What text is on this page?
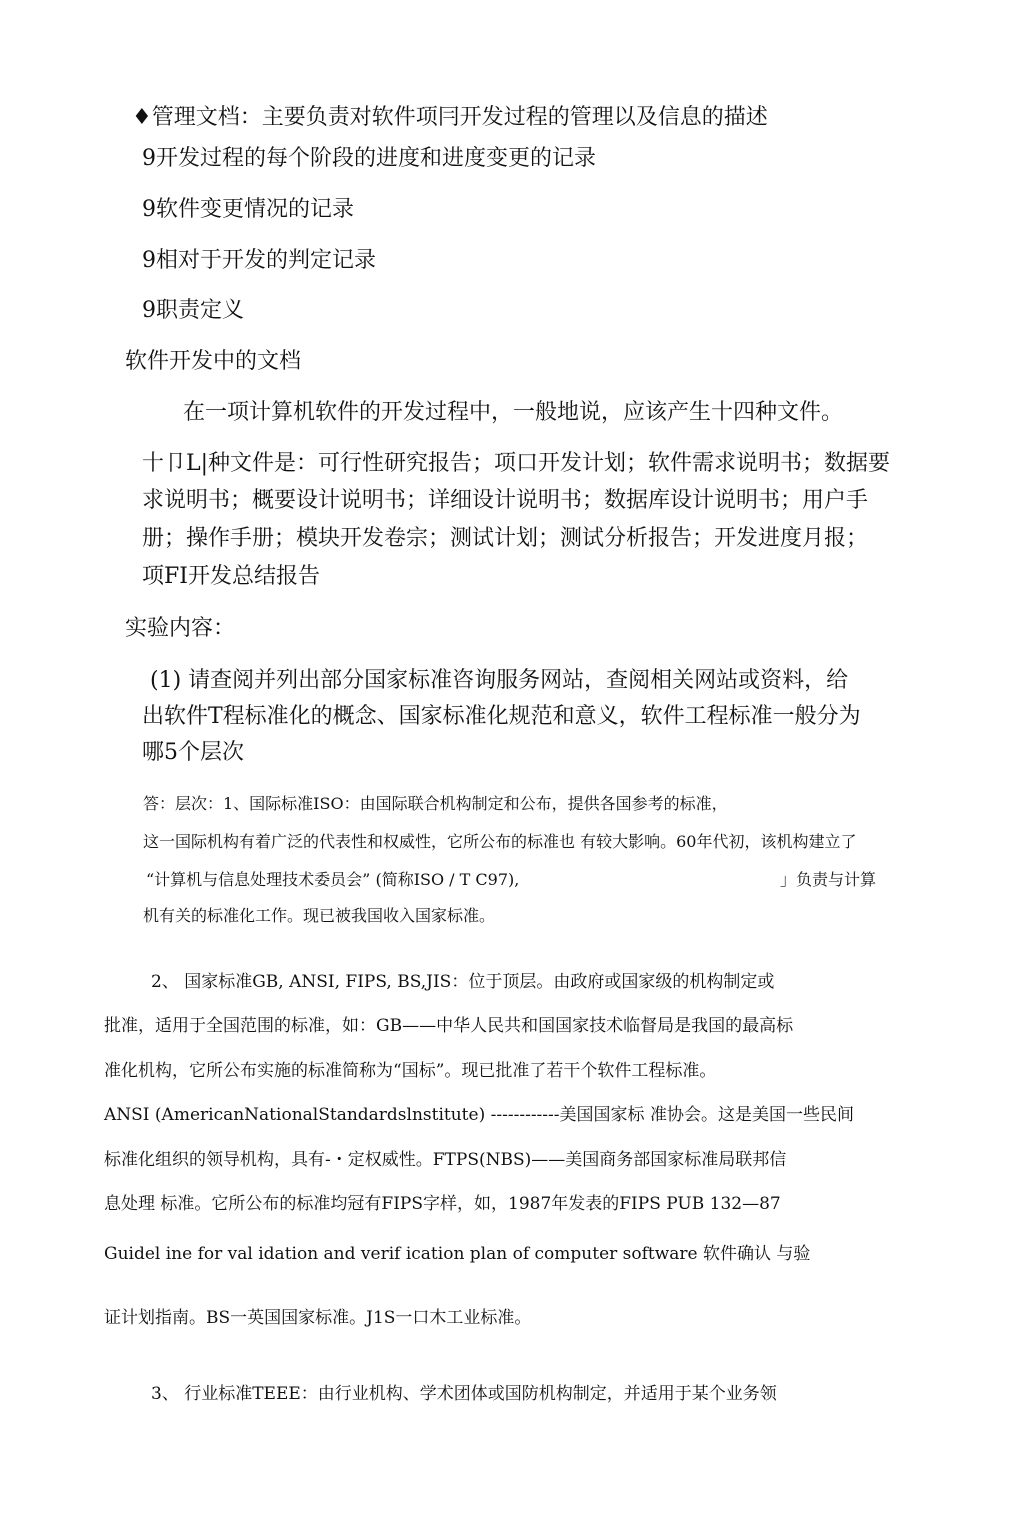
♦管理文档：主要负责对软件项冃开发过程的管理以及信息的描述
9开发过程的每个阶段的进度和进度变更的记录
9软件变更情况的记录
9相对于开发的判定记录
9职责定义
软件开发中的文档
在一项计算机软件的开发过程中，一般地说，应该产生十四种文件。
十卩L|种文件是：可行性研究报告；项口开发计划；软件需求说明书；数据要
求说明书；概要设计说明书；详细设计说明书；数据库设计说明书；用户手
册；操作手册；模块开发卷宗；测试计划；测试分析报告；开发进度月报；
项FI开发总结报告
实验内容：
(1) 请查阅并列出部分国家标准咨询服务网站，查阅相关网站或资料，给
出软件T程标准化的概念、国家标准化规范和意义，软件工程标准一般分为
哪5个层次
答：层次：1、国际标准ISO：由国际联合机构制定和公布，提供各国参考的标准，
这一国际机构有着广泛的代表性和权威性，它所公布的标准也 有较大影响。60年代初，该机构建立了
“计算机与信息处理技术委员会” (简称ISO / T C97),	」负责与计算
机有关的标准化工作。现已被我国收入国家标准。
2、 国家标准GB, ANSI, FIPS, BS,JIS：位于顶层。由政府或国家级的机构制定或
批准，适用于全国范围的标准，如：GB——中华人民共和国国家技术临督局是我国的最高标
准化机构，它所公布实施的标准简称为“国标”。现已批准了若干个软件工程标准。
ANSI (AmericanNationalStandardslnstitute) ------------美国国家标 准协会。这是美国一些民间
标准化组织的领导机构，具有-・定权威性。FTPS(NBS)——美国商务部国家标准局联邦信
息处理 标准。它所公布的标准均冠有FIPS字样，如，1987年发表的FIPS PUB 132—87
Guidel ine for val idation and verif ication plan of computer software 软件确认 与验
证计划指南。BS一英国国家标准。J1S一口木工业标准。
3、 行业标准TEEE：由行业机构、学术团体或国防机构制定，并适用于某个业务领
